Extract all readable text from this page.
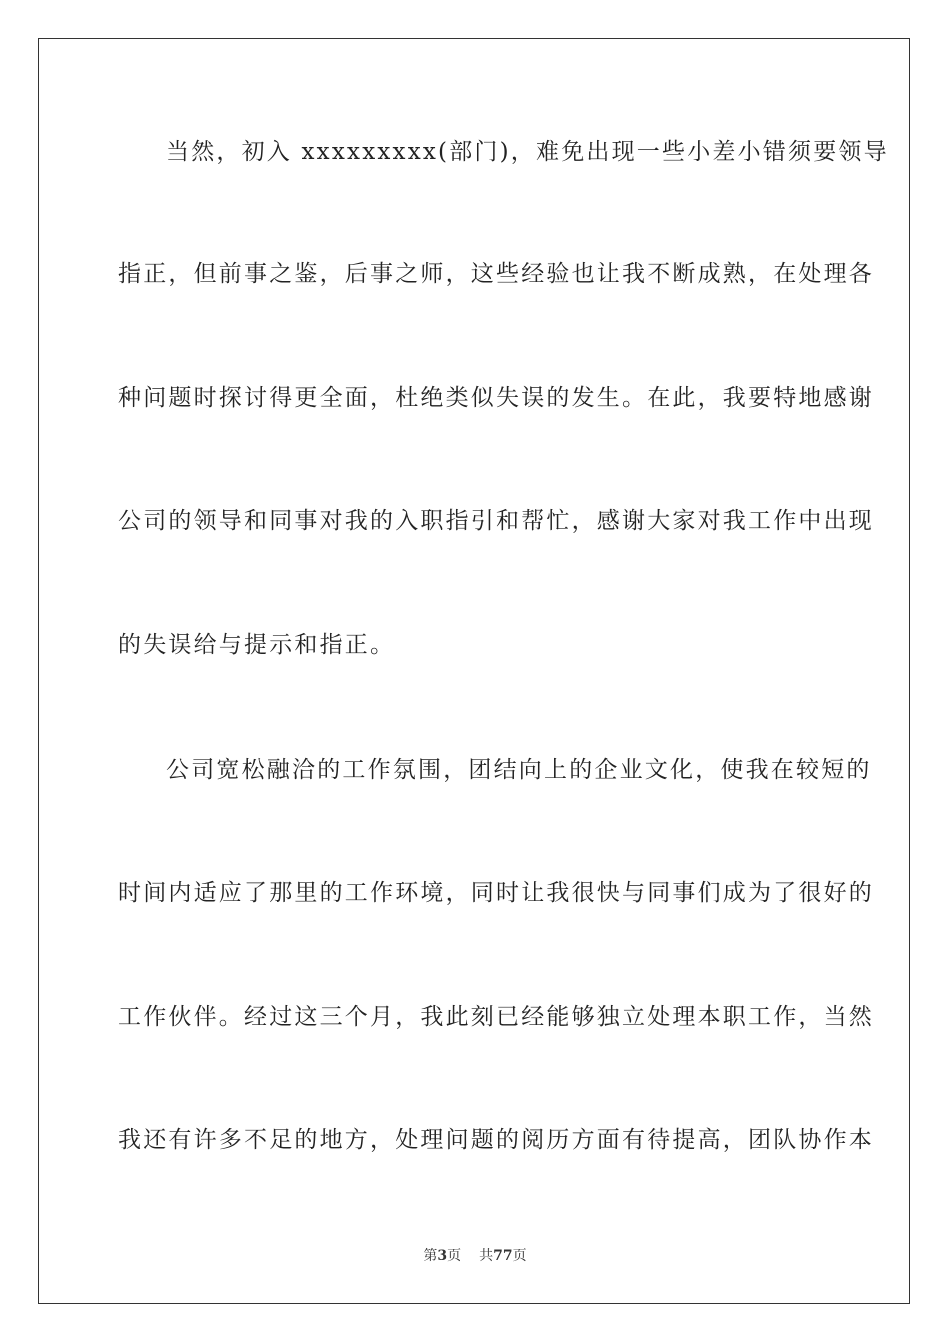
当然，初入 xxxxxxxxx(部门)，难免出现一些小差小错须要领导
指正，但前事之鉴，后事之师，这些经验也让我不断成熟，在处理各
种问题时探讨得更全面，杜绝类似失误的发生。在此，我要特地感谢
公司的领导和同事对我的入职指引和帮忙，感谢大家对我工作中出现
的失误给与提示和指正。
公司宽松融洽的工作氛围，团结向上的企业文化，使我在较短的
时间内适应了那里的工作环境，同时让我很快与同事们成为了很好的
工作伙伴。经过这三个月，我此刻已经能够独立处理本职工作，当然
我还有许多不足的地方，处理问题的阅历方面有待提高，团队协作本
第3页 共77页
